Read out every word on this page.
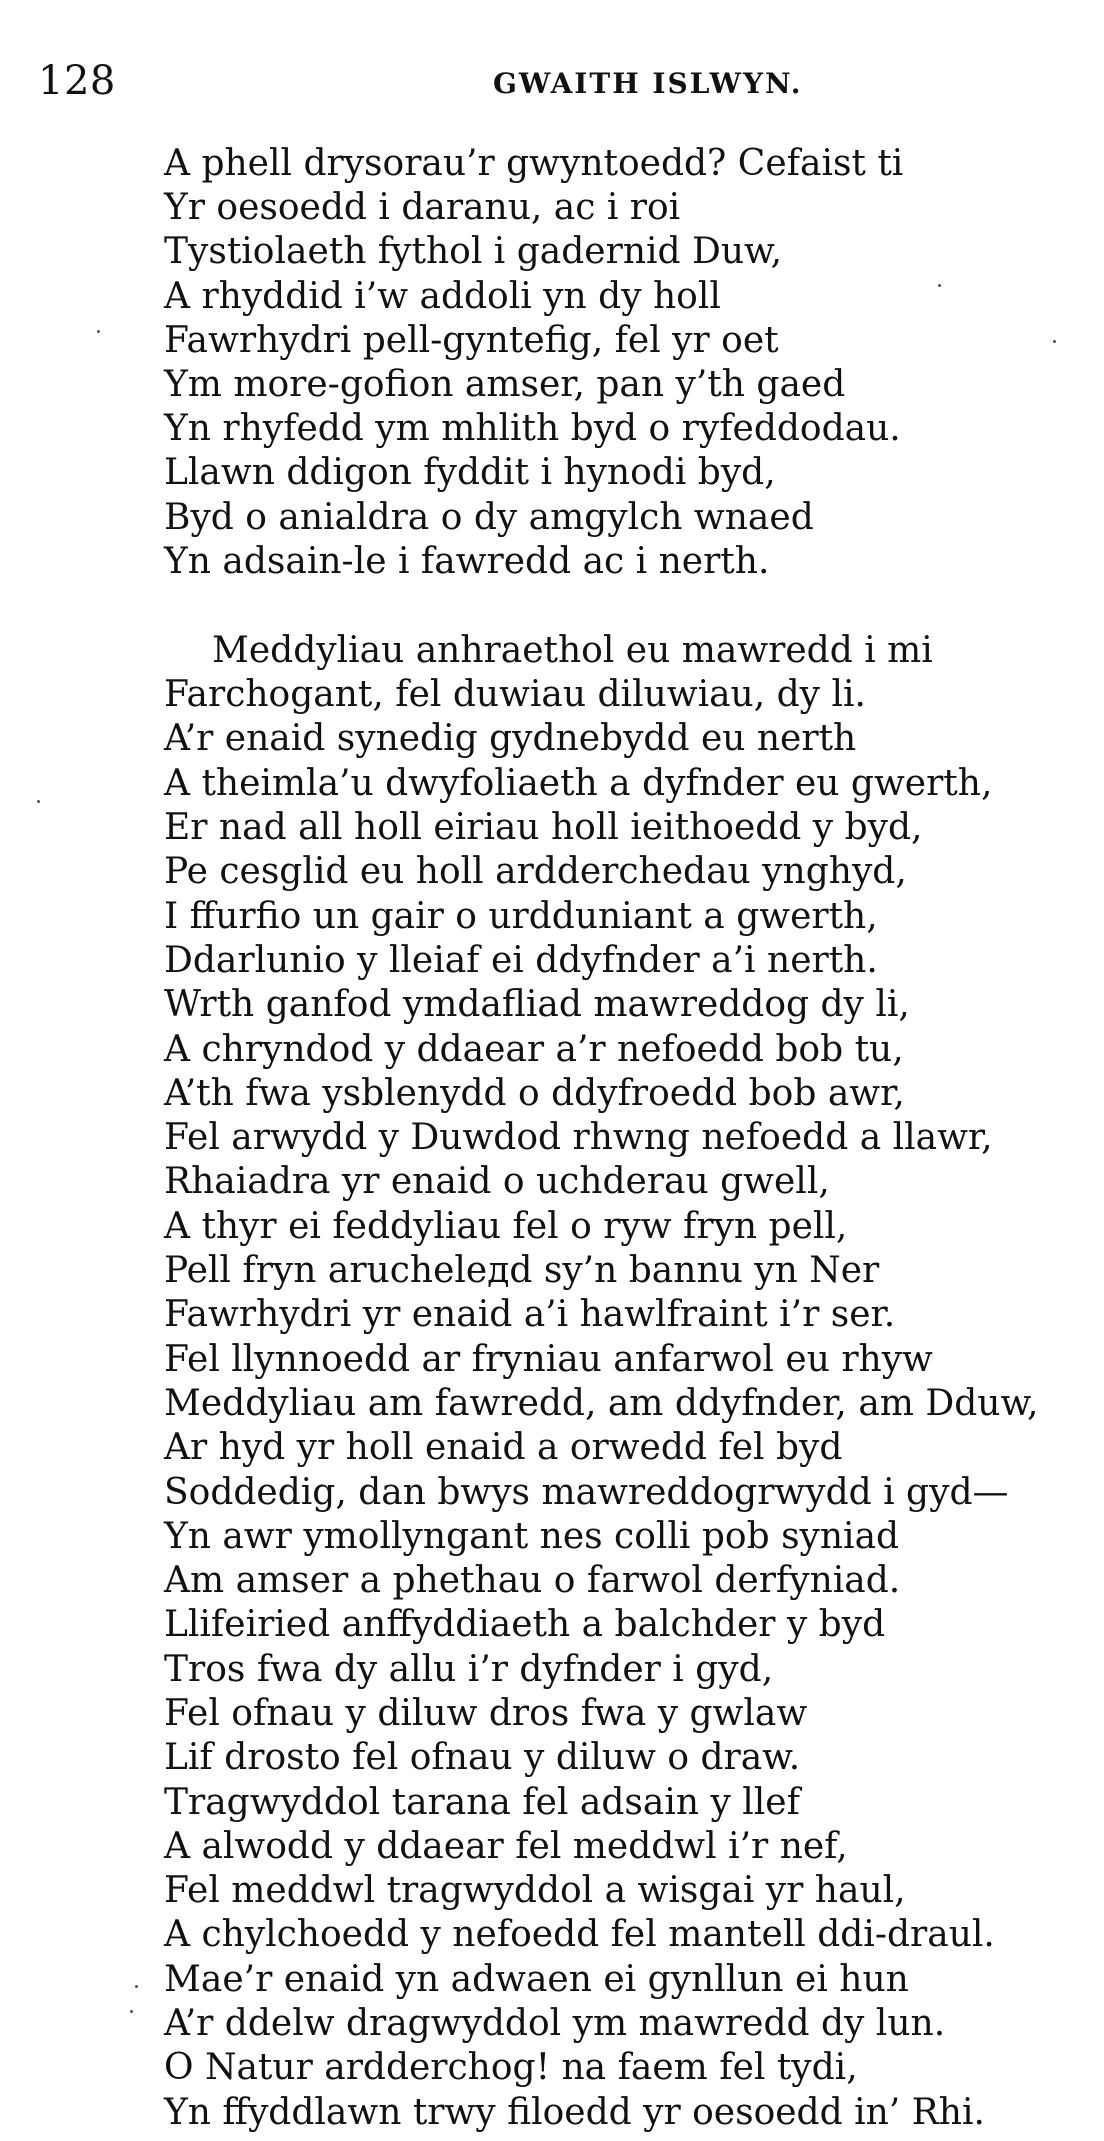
128	GWAITH ISLWYN.
A phell drysorau’r gwyntoedd? Cefaist ti
Yr oesoedd i daranu, ac i roi
Tystiolaeth fythol i gadernid Duw,
A rhyddid i’w addoli yn dy holl
Fawrhydri pell-gyntefig, fel yr oet
Ym more-gofion amser, pan y’th gaed
Yn rhyfedd ym mhlith byd o ryfeddodau.
Llawn ddigon fyddit i hynodi byd,
Byd o anialdra o dy amgylch wnaed
Yn adsain-le i fawredd ac i nerth.
Meddyliau anhraethol eu mawredd i mi
Farchogant, fel duwiau diluwiau, dy li.
A’r enaid synedig gydnebydd eu nerth
A theimla’u dwyfoliaeth a dyfnder eu gwerth,
Er nad all holl eiriau holl ieithoedd y byd,
Pe cesglid eu holl ardderchedau ynghyd,
I ffurfio un gair o urdduniant a gwerth,
Ddarlunio y lleiaf ei ddyfnder a’i nerth.
Wrth ganfod ymdafliad mawreddog dy li,
A chryndod y ddaear a’r nefoedd bob tu,
A’th fwa ysblenydd o ddyfroedd bob awr,
Fel arwydd y Duwdod rhwng nefoedd a llawr,
Rhaiadra yr enaid o uchderau gwell,
A thyr ei feddyliau fel o ryw fryn pell,
Pell fryn aruchelедd sy’n bannu yn Ner
Fawrhydri yr enaid a’i hawlfraint i’r ser.
Fel llynnoedd ar fryniau anfarwol eu rhyw
Meddyliau am fawredd, am ddyfnder, am Dduw,
Ar hyd yr holl enaid a orwedd fel byd
Soddedig, dan bwys mawreddogrwydd i gyd—
Yn awr ymollyngant nes colli pob syniad
Am amser a phethau o farwol derfyniad.
Llifeiried anffyddiaeth a balchder y byd
Tros fwa dy allu i’r dyfnder i gyd,
Fel ofnau y diluw dros fwa y gwlaw
Lif drosto fel ofnau y diluw o draw.
Tragwyddol tarana fel adsain y llef
A alwodd y ddaear fel meddwl i’r nef,
Fel meddwl tragwyddol a wisgai yr haul,
A chylchoedd y nefoedd fel mantell ddi-draul.
Mae’r enaid yn adwaen ei gynllun ei hun
A’r ddelw dragwyddol ym mawredd dy lun.
O Natur ardderchog! na faem fel tydi,
Yn ffyddlawn trwy filoedd yr oesoedd in’ Rhi.
